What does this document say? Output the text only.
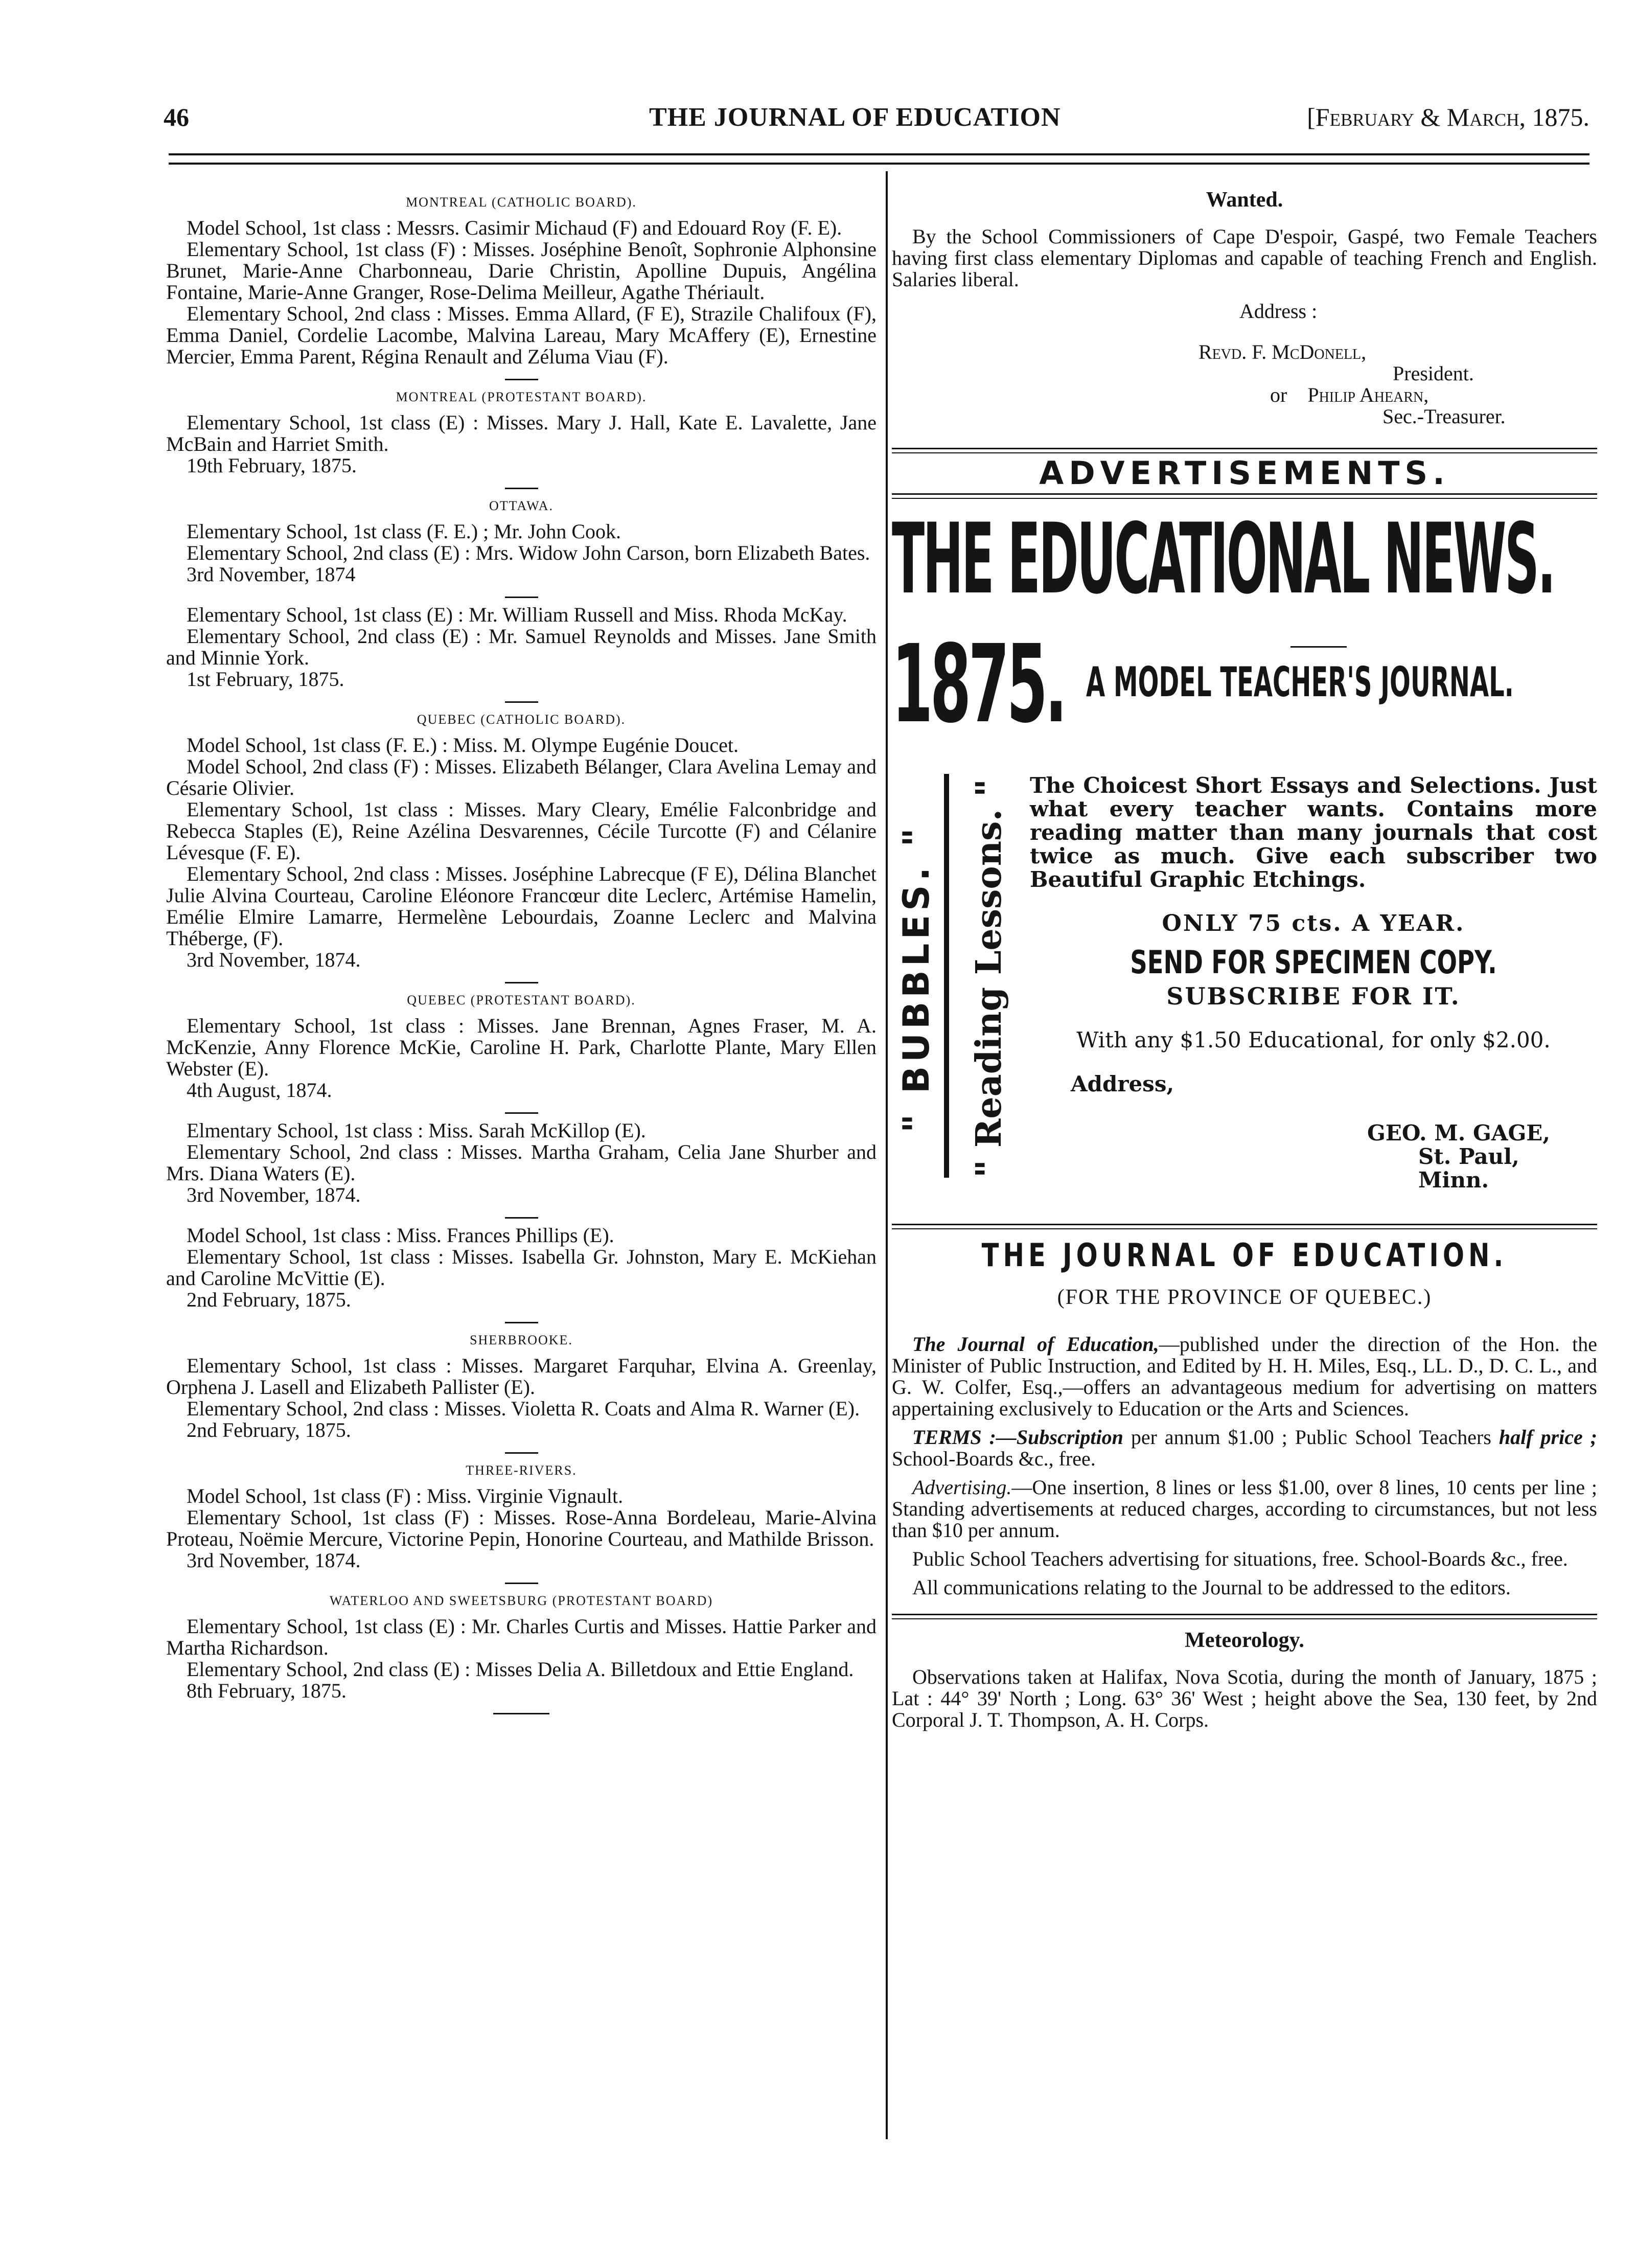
46	THE JOURNAL OF EDUCATION	[February & March, 1875.
MONTREAL (CATHOLIC BOARD).

Model School, 1st class : Messrs. Casimir Michaud (F) and Edouard Roy (F. E).

Elementary School, 1st class (F) : Misses. Joséphine Benoît, Sophronie Alphonsine Brunet, Marie-Anne Charbonneau, Darie Christin, Apolline Dupuis, Angélina Fontaine, Marie-Anne Granger, Rose-Delima Meilleur, Agathe Thériault.

Elementary School, 2nd class : Misses. Emma Allard, (F E), Strazile Chalifoux (F), Emma Daniel, Cordelie Lacombe, Malvina Lareau, Mary McAffery (E), Ernestine Mercier, Emma Parent, Régina Renault and Zéluma Viau (F).

MONTREAL (PROTESTANT BOARD).

Elementary School, 1st class (E) : Misses. Mary J. Hall, Kate E. Lavalette, Jane McBain and Harriet Smith.

19th February, 1875.
OTTAWA.

Elementary School, 1st class (F. E.) ; Mr. John Cook.

Elementary School, 2nd class (E) : Mrs. Widow John Carson, born Elizabeth Bates.

3rd November, 1874

Elementary School, 1st class (E) : Mr. William Russell and Miss. Rhoda McKay.

Elementary School, 2nd class (E) : Mr. Samuel Reynolds and Misses. Jane Smith and Minnie York.

1st February, 1875.
QUEBEC (CATHOLIC BOARD).

Model School, 1st class (F. E.) : Miss. M. Olympe Eugénie Doucet.

Model School, 2nd class (F) : Misses. Elizabeth Bélanger, Clara Avelina Lemay and Césarie Olivier.

Elementary School, 1st class : Misses. Mary Cleary, Emélie Falconbridge and Rebecca Staples (E), Reine Azélina Desvarennes, Cécile Turcotte (F) and Célanire Lévesque (F. E).

Elementary School, 2nd class : Misses. Joséphine Labrecque (F E), Délina Blanchet Julie Alvina Courteau, Caroline Eléonore Francœur dite Leclerc, Artémise Hamelin, Emélie Elmire Lamarre, Hermelène Lebourdais, Zoanne Leclerc and Malvina Théberge, (F).

3rd November, 1874.
QUEBEC (PROTESTANT BOARD).

Elementary School, 1st class : Misses. Jane Brennan, Agnes Fraser, M. A. McKenzie, Anny Florence McKie, Caroline H. Park, Charlotte Plante, Mary Ellen Webster (E).

4th August, 1874.

Elmentary School, 1st class : Miss. Sarah McKillop (E).

Elementary School, 2nd class : Misses. Martha Graham, Celia Jane Shurber and Mrs. Diana Waters (E).

3rd November, 1874.

Model School, 1st class : Miss. Frances Phillips (E).

Elementary School, 1st class : Misses. Isabella Gr. Johnston, Mary E. McKiehan and Caroline McVittie (E).

2nd February, 1875.
SHERBROOKE.

Elementary School, 1st class : Misses. Margaret Farquhar, Elvina A. Greenlay, Orphena J. Lasell and Elizabeth Pallister (E).

Elementary School, 2nd class : Misses. Violetta R. Coats and Alma R. Warner (E).

2nd February, 1875.
THREE-RIVERS.

Model School, 1st class (F) : Miss. Virginie Vignault.

Elementary School, 1st class (F) : Misses. Rose-Anna Bordeleau, Marie-Alvina Proteau, Noëmie Mercure, Victorine Pepin, Honorine Courteau, and Mathilde Brisson.

3rd November, 1874.
WATERLOO AND SWEETSBURG (PROTESTANT BOARD)

Elementary School, 1st class (E) : Mr. Charles Curtis and Misses. Hattie Parker and Martha Richardson.

Elementary School, 2nd class (E) : Misses Delia A. Billetdoux and Ettie England.

8th February, 1875.
Wanted.

By the School Commissioners of Cape D'espoir, Gaspé, two Female Teachers having first class elementary Diplomas and capable of teaching French and English. Salaries liberal.

Address :
Revd. F. McDonell,
President.
or Philip Ahearn,
Sec.-Treasurer.
ADVERTISEMENTS.
THE EDUCATIONAL NEWS.
1875. A MODEL TEACHER'S JOURNAL.
" BUBBLES. " " Reading Lessons. " The Choicest Short Essays and Selections. Just what every teacher wants. Contains more reading matter than many journals that cost twice as much. Give each subscriber two Beautiful Graphic Etchings.

ONLY 75 cts. A YEAR.

SEND FOR SPECIMEN COPY.

SUBSCRIBE FOR IT.

With any $1.50 Educational, for only $2.00.

Address,

GEO. M. GAGE,

St. Paul, Minn.

THE JOURNAL OF EDUCATION.
(FOR THE PROVINCE OF QUEBEC.)

The Journal of Education,—published under the direction of the Hon. the Minister of Public Instruction, and Edited by H. H. Miles, Esq., LL. D., D. C. L., and G. W. Colfer, Esq.,—offers an advantageous medium for advertising on matters appertaining exclusively to Education or the Arts and Sciences.

TERMS :—Subscription per annum $1.00 ; Public School Teachers half price ; School-Boards &c., free.

Advertising.—One insertion, 8 lines or less $1.00, over 8 lines, 10 cents per line ; Standing advertisements at reduced charges, according to circumstances, but not less than $10 per annum.

Public School Teachers advertising for situations, free. School-Boards &c., free.

All communications relating to the Journal to be addressed to the editors.

Meteorology.

Observations taken at Halifax, Nova Scotia, during the month of January, 1875 ; Lat : 44° 39' North ; Long. 63° 36' West ; height above the Sea, 130 feet, by 2nd Corporal J. T. Thompson, A. H. Corps.
